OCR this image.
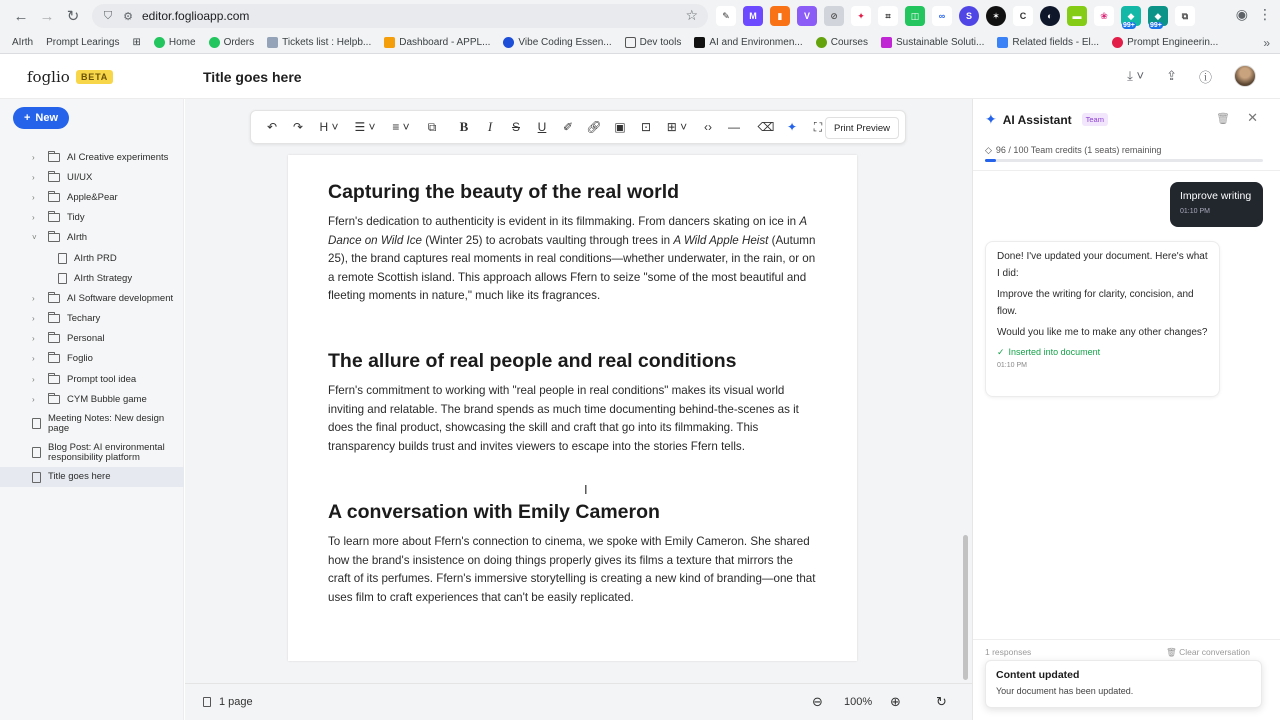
← → ↻	⛉ ⚙ editor.foglioapp.com	☆	✎	M	▮	V	⊘	✦	⌗	◫	∞	S	✶	C	◐	▬	❀	◆
99+
◆
99+
⧉	◉ ⋮
AIrth Prompt Learings ⊞	Home	Orders	Tickets list : Helpb...	Dashboard - APPL...	Vibe Coding Essen...	Dev tools	AI and Environmen...	Courses	Sustainable Soluti...	Related fields - El...	Prompt Engineerin...	»
foglio	BETA	Title goes here	⤓ ˅ ⇪ ⓘ
+ New
›	AI Creative experiments
›	UI/UX
›	Apple&Pear
›	Tidy
˅	AIrth
AIrth PRD
AIrth Strategy
›	AI Software development
›	Techary
›	Personal
›	Foglio
›	Prompt tool idea
›	CYM Bubble game
Meeting Notes: New design page
Blog Post: AI environmental responsibility platform
Title goes here
↶	↷	H ˅	☰ ˅	≡ ˅	⧉	B	I	S	U	✐	🔗︎	▣	⊡	⊞ ˅	‹›	—	⌫	✦	⛶	Print Preview
Capturing the beauty of the real world

Ffern's dedication to authenticity is evident in its filmmaking. From dancers skating on ice in A Dance on Wild Ice (Winter 25) to acrobats vaulting through trees in A Wild Apple Heist (Autumn 25), the brand captures real moments in real conditions—whether underwater, in the rain, or on a remote Scottish island. This approach allows Ffern to seize "some of the most beautiful and fleeting moments in nature," much like its fragrances.

The allure of real people and real conditions

Ffern's commitment to working with "real people in real conditions" makes its visual world inviting and relatable. The brand spends as much time documenting behind-the-scenes as it does the final product, showcasing the skill and craft that go into its filmmaking. This transparency builds trust and invites viewers to escape into the stories Ffern tells.

A conversation with Emily Cameron

To learn more about Ffern's connection to cinema, we spoke with Emily Cameron. She shared how the brand's insistence on doing things properly gives its films a texture that mirrors the craft of its perfumes. Ffern's immersive storytelling is creating a new kind of branding—one that uses film to craft experiences that can't be easily replicated.

I
1 page	⊖ 100% ⊕	↻
✦ AI Assistant	Team	🗑︎ ✕
◇ 96 / 100 Team credits (1 seats) remaining
Improve writing
01:10 PM

Done! I've updated your document. Here's what I did:

Improve the writing for clarity, concision, and flow.

Would you like me to make any other changes?

✓ Inserted into document
01:10 PM
1 responses	🗑︎ Clear conversation
Content updated
Your document has been updated.
